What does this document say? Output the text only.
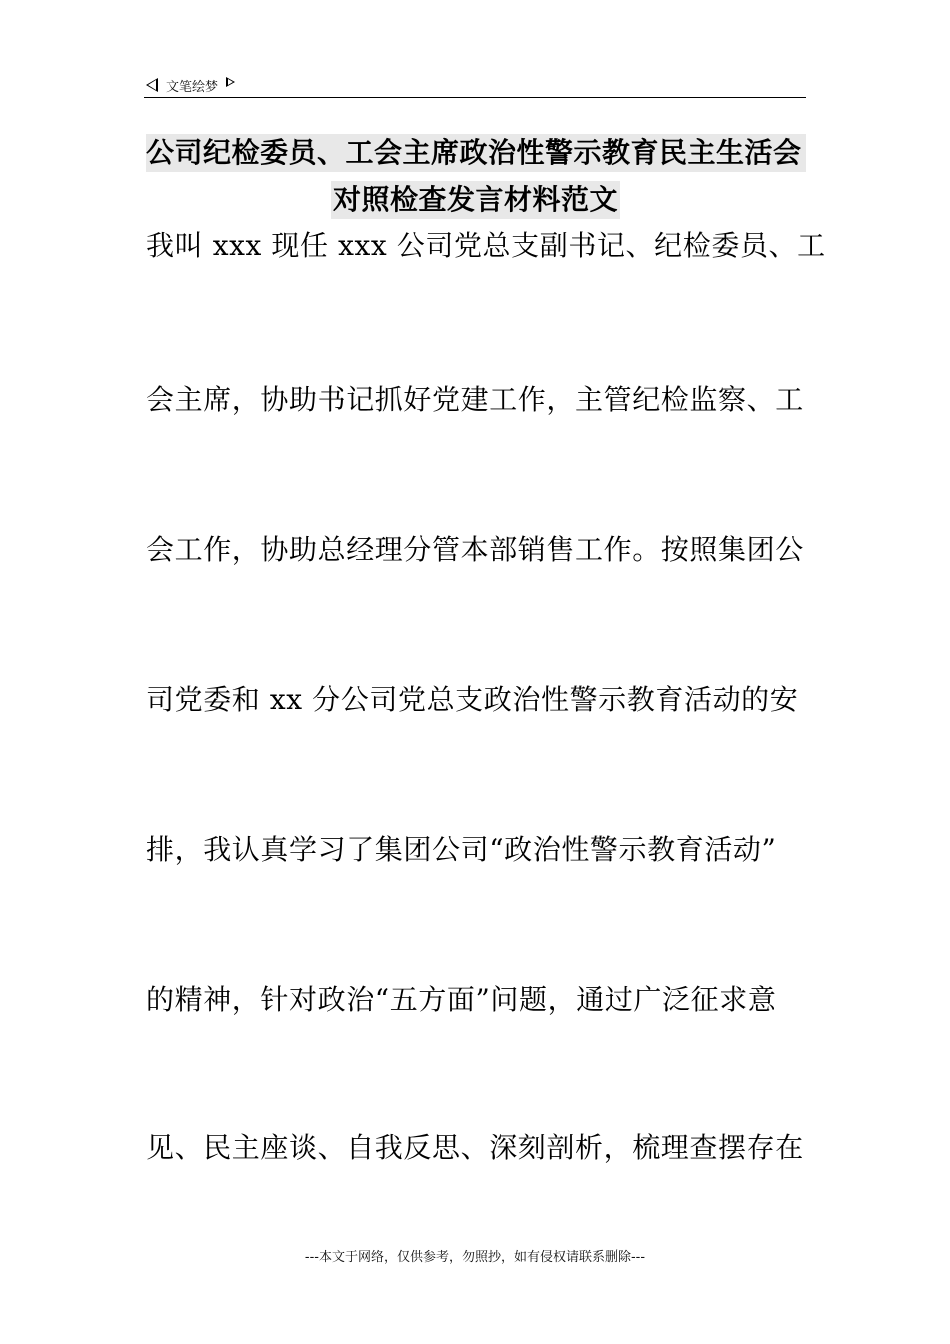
文笔绘梦
公司纪检委员、工会主席政治性警示教育民主生活会
对照检查发言材料范文
我叫 xxx 现任 xxx 公司党总支副书记、纪检委员、工
会主席，协助书记抓好党建工作，主管纪检监察、工
会工作，协助总经理分管本部销售工作。按照集团公
司党委和 xx 分公司党总支政治性警示教育活动的安
排，我认真学习了集团公司“政治性警示教育活动”
的精神，针对政治“五方面”问题，通过广泛征求意
见、民主座谈、自我反思、深刻剖析，梳理查摆存在
---本文于网络，仅供参考，勿照抄，如有侵权请联系删除---
